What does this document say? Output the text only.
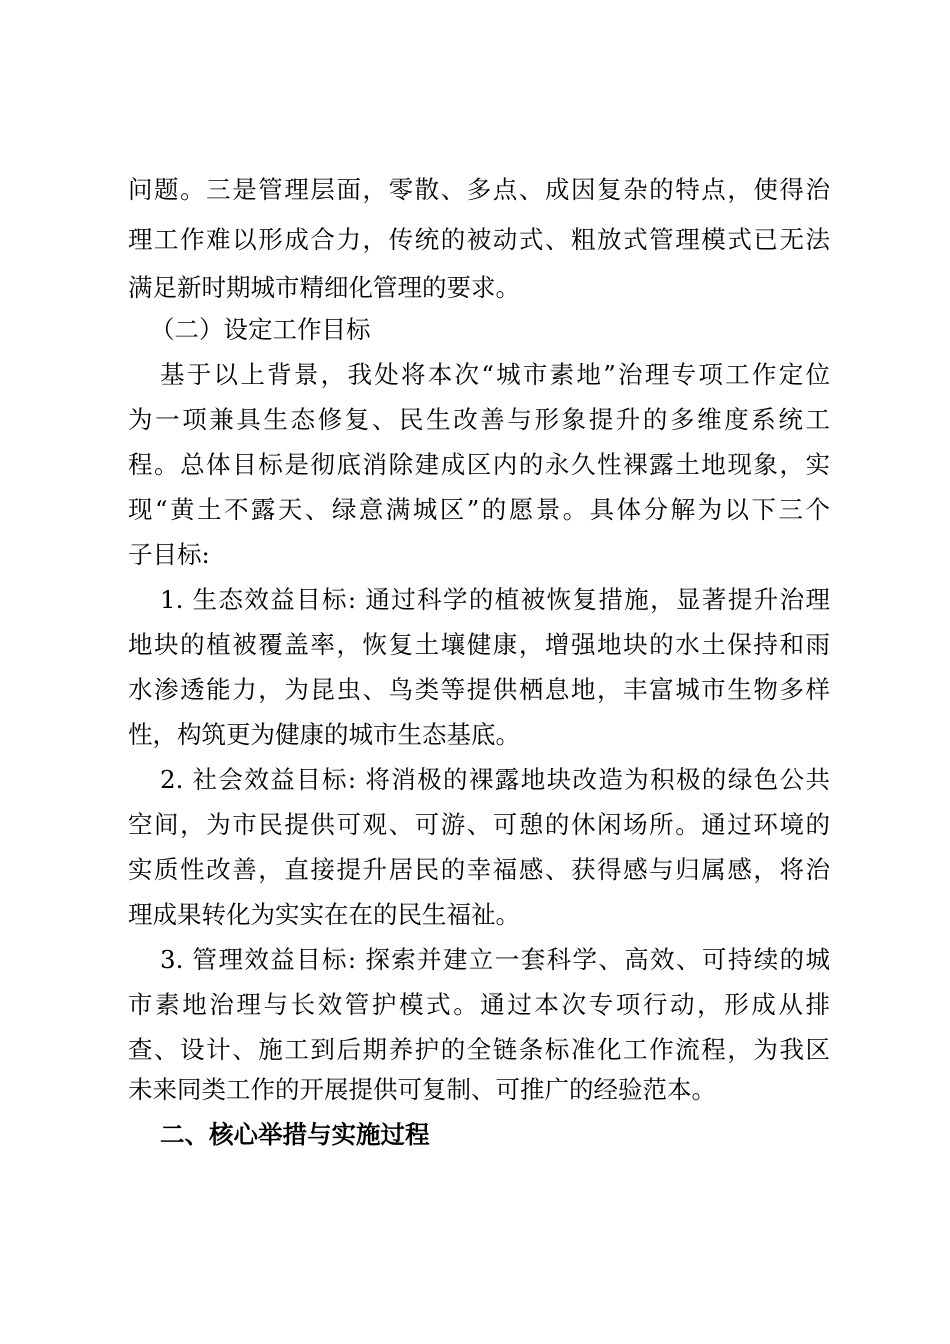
问题。三是管理层面，零散、多点、成因复杂的特点，使得治
理工作难以形成合力，传统的被动式、粗放式管理模式已无法
满足新时期城市精细化管理的要求。
（二）设定工作目标
基于以上背景，我处将本次“城市素地”治理专项工作定位
为一项兼具生态修复、民生改善与形象提升的多维度系统工
程。总体目标是彻底消除建成区内的永久性裸露土地现象，实
现“黄土不露天、绿意满城区”的愿景。具体分解为以下三个
子目标:
1. 生态效益目标: 通过科学的植被恢复措施，显著提升治理
地块的植被覆盖率，恢复土壤健康，增强地块的水土保持和雨
水渗透能力，为昆虫、鸟类等提供栖息地，丰富城市生物多样
性，构筑更为健康的城市生态基底。
2. 社会效益目标: 将消极的裸露地块改造为积极的绿色公共
空间，为市民提供可观、可游、可憩的休闲场所。通过环境的
实质性改善，直接提升居民的幸福感、获得感与归属感，将治
理成果转化为实实在在的民生福祉。
3. 管理效益目标: 探索并建立一套科学、高效、可持续的城
市素地治理与长效管护模式。通过本次专项行动，形成从排
查、设计、施工到后期养护的全链条标准化工作流程，为我区
未来同类工作的开展提供可复制、可推广的经验范本。
二、核心举措与实施过程
